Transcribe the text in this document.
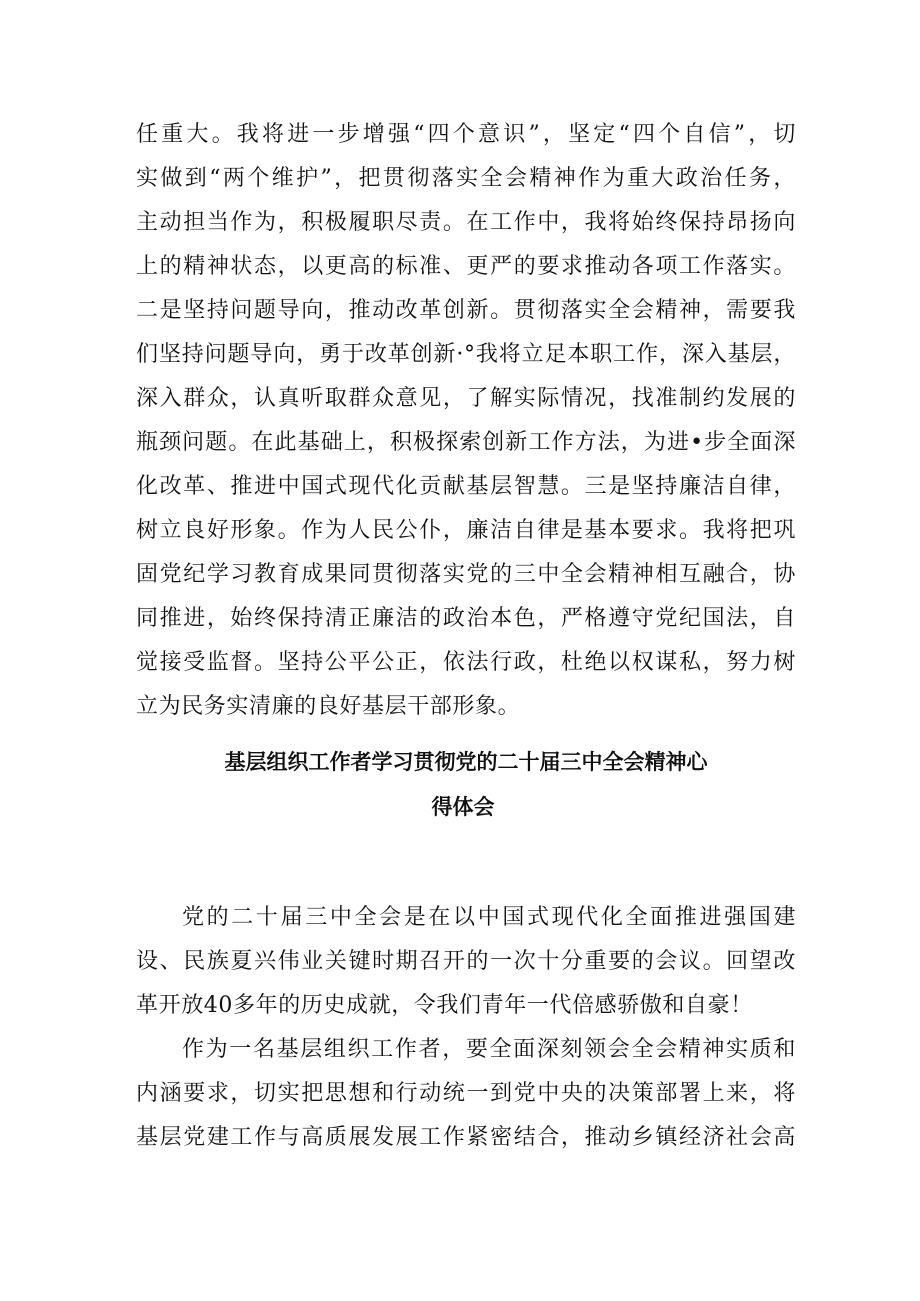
任重大。我将进一步增强“四个意识”，坚定“四个自信”，切
实做到“两个维护”，把贯彻落实全会精神作为重大政治任务，
主动担当作为，积极履职尽责。在工作中，我将始终保持昂扬向
上的精神状态，以更高的标准、更严的要求推动各项工作落实。
二是坚持问题导向，推动改革创新。贯彻落实全会精神，需要我
们坚持问题导向，勇于改革创新·°我将立足本职工作，深入基层，
深入群众，认真听取群众意见，了解实际情况，找准制约发展的
瓶颈问题。在此基础上，积极探索创新工作方法，为进•步全面深
化改革、推进中国式现代化贡献基层智慧。三是坚持廉洁自律，
树立良好形象。作为人民公仆，廉洁自律是基本要求。我将把巩
固党纪学习教育成果同贯彻落实党的三中全会精神相互融合，协
同推进，始终保持清正廉洁的政治本色，严格遵守党纪国法，自
觉接受监督。坚持公平公正，依法行政，杜绝以权谋私，努力树
立为民务实清廉的良好基层干部形象。
基层组织工作者学习贯彻党的二十届三中全会精神心
得体会
党的二十届三中全会是在以中国式现代化全面推进强国建
设、民族夏兴伟业关键时期召开的一次十分重要的会议。回望改
革开放40多年的历史成就，令我们青年一代倍感骄傲和自豪！
作为一名基层组织工作者，要全面深刻领会全会精神实质和
内涵要求，切实把思想和行动统一到党中央的决策部署上来，将
基层党建工作与高质展发展工作紧密结合，推动乡镇经济社会高
